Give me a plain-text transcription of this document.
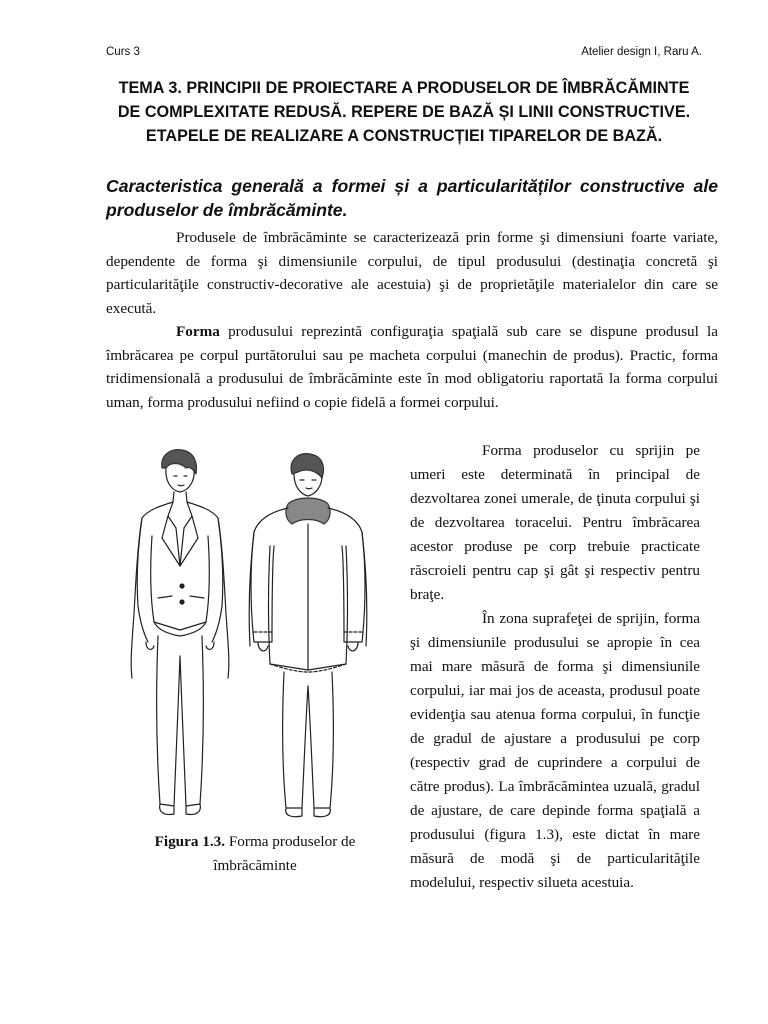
Curs 3	Atelier design I, Raru A.
TEMA 3. PRINCIPII DE PROIECTARE A PRODUSELOR DE ÎMBRĂCĂMINTE
DE COMPLEXITATE REDUSĂ. REPERE DE BAZĂ ȘI LINII CONSTRUCTIVE.
ETAPELE DE REALIZARE A CONSTRUCȚIEI TIPARELOR DE BAZĂ.
Caracteristica generală a formei și a particularităților constructive ale produselor de îmbrăcăminte.
Produsele de îmbrăcăminte se caracterizează prin forme şi dimensiuni foarte variate, dependente de forma şi dimensiunile corpului, de tipul produsului (destinaţia concretă şi particularităţile constructiv-decorative ale acestuia) şi de proprietăţile materialelor din care se execută.
Forma produsului reprezintă configuraţia spaţială sub care se dispune produsul la îmbrăcarea pe corpul purtătorului sau pe macheta corpului (manechin de produs). Practic, forma tridimensională a produsului de îmbrăcăminte este în mod obligatoriu raportată la forma corpului uman, forma produsului nefiind o copie fidelă a formei corpului.
Figura 1.3. Forma produselor de îmbrăcăminte
Forma produselor cu sprijin pe umeri este determinată în principal de dezvoltarea zonei umerale, de ţinuta corpului şi de dezvoltarea toracelui. Pentru îmbrăcarea acestor produse pe corp trebuie practicate răscroieli pentru cap şi gât şi respectiv pentru braţe.
În zona suprafeţei de sprijin, forma şi dimensiunile produsului se apropie în cea mai mare măsură de forma şi dimensiunile corpului, iar mai jos de aceasta, produsul poate evidenţia sau atenua forma corpului, în funcţie de gradul de ajustare a produsului pe corp (respectiv grad de cuprindere a corpului de către produs). La îmbrăcămintea uzuală, gradul de ajustare, de care depinde forma spaţială a produsului (figura 1.3), este dictat în mare măsură de modă şi de particularităţile modelului, respectiv silueta acestuia.
